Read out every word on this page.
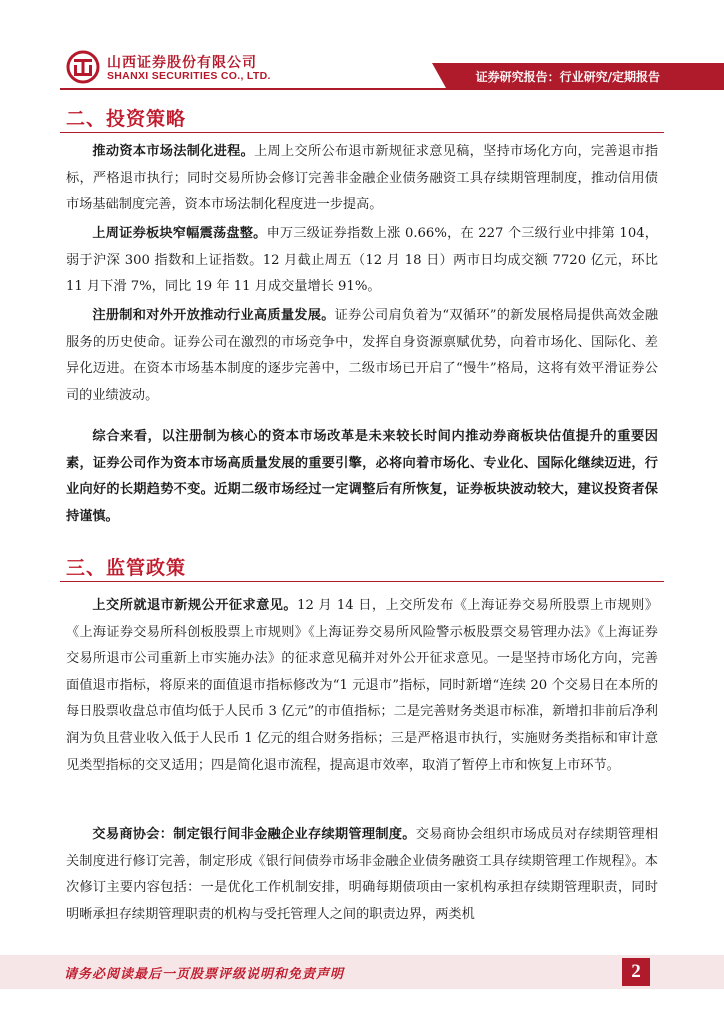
山西证券股份有限公司
SHANXI SECURITIES CO., LTD.	证券研究报告：行业研究/定期报告
二、投资策略
推动资本市场法制化进程。上周上交所公布退市新规征求意见稿，坚持市场化方向，完善退市指标，严格退市执行；同时交易所协会修订完善非金融企业债务融资工具存续期管理制度，推动信用债市场基础制度完善，资本市场法制化程度进一步提高。
上周证券板块窄幅震荡盘整。申万三级证券指数上涨 0.66%，在 227 个三级行业中排第 104，弱于沪深 300 指数和上证指数。12 月截止周五（12 月 18 日）两市日均成交额 7720 亿元，环比 11 月下滑 7%，同比 19 年 11 月成交量增长 91%。
注册制和对外开放推动行业高质量发展。证券公司肩负着为“双循环”的新发展格局提供高效金融服务的历史使命。证券公司在激烈的市场竞争中，发挥自身资源禀赋优势，向着市场化、国际化、差异化迈进。在资本市场基本制度的逐步完善中，二级市场已开启了“慢牛”格局，这将有效平滑证券公司的业绩波动。
综合来看，以注册制为核心的资本市场改革是未来较长时间内推动券商板块估值提升的重要因素，证券公司作为资本市场高质量发展的重要引擎，必将向着市场化、专业化、国际化继续迈进，行业向好的长期趋势不变。近期二级市场经过一定调整后有所恢复，证券板块波动较大，建议投资者保持谨慎。
三、监管政策
上交所就退市新规公开征求意见。12 月 14 日，上交所发布《上海证券交易所股票上市规则》《上海证券交易所科创板股票上市规则》《上海证券交易所风险警示板股票交易管理办法》《上海证券交易所退市公司重新上市实施办法》的征求意见稿并对外公开征求意见。一是坚持市场化方向，完善面值退市指标，将原来的面值退市指标修改为“1 元退市”指标，同时新增“连续 20 个交易日在本所的每日股票收盘总市值均低于人民币 3 亿元”的市值指标；二是完善财务类退市标准，新增扣非前后净利润为负且营业收入低于人民币 1 亿元的组合财务指标；三是严格退市执行，实施财务类指标和审计意见类型指标的交叉适用；四是简化退市流程，提高退市效率，取消了暂停上市和恢复上市环节。
交易商协会：制定银行间非金融企业存续期管理制度。交易商协会组织市场成员对存续期管理相关制度进行修订完善，制定形成《银行间债券市场非金融企业债务融资工具存续期管理工作规程》。本次修订主要内容包括：一是优化工作机制安排，明确每期债项由一家机构承担存续期管理职责，同时明晰承担存续期管理职责的机构与受托管理人之间的职责边界，两类机
请务必阅读最后一页股票评级说明和免责声明	2
